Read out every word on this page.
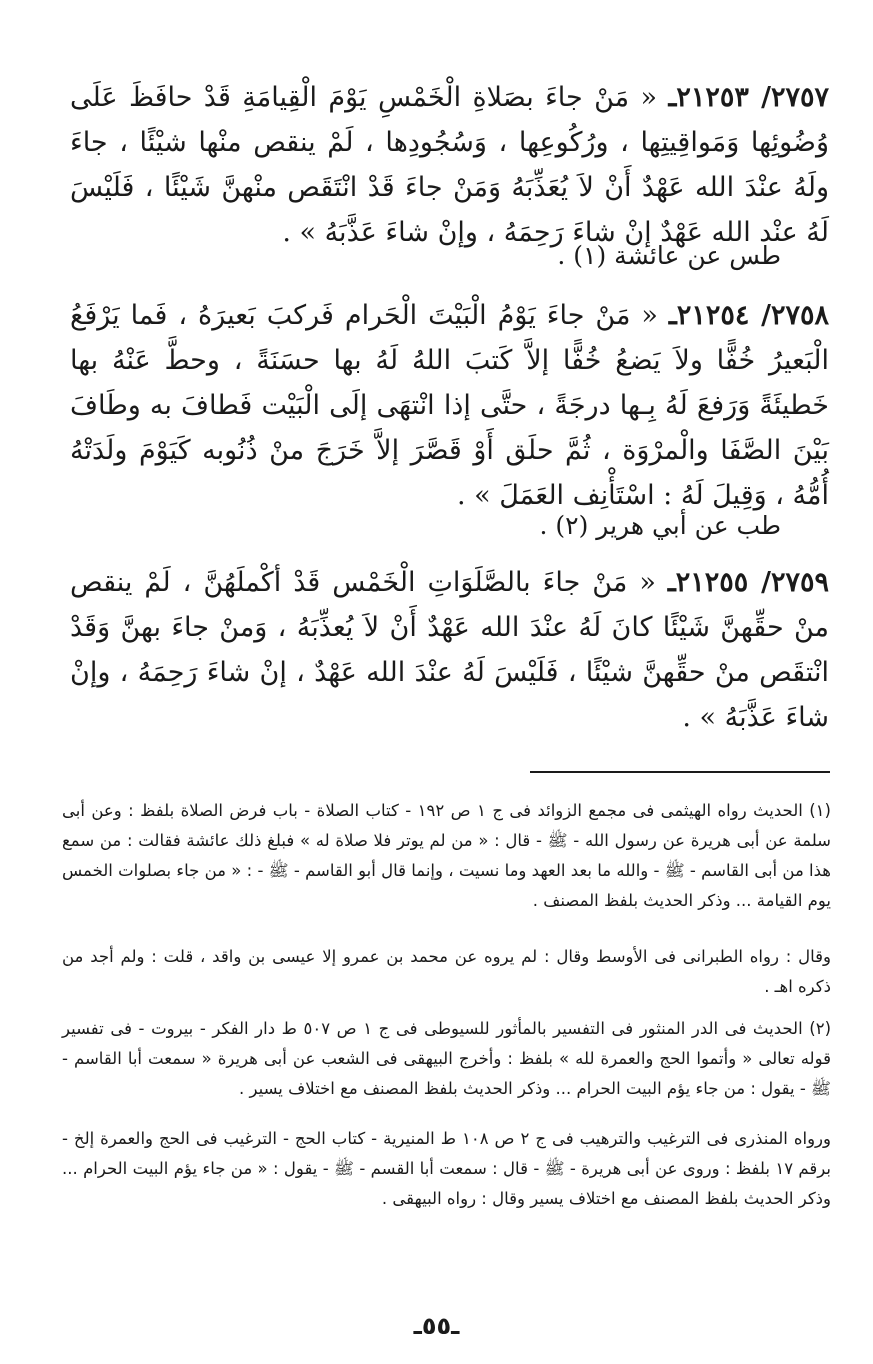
٢٧٥٧/ ٢١٢٥٣ـ « مَنْ جاءَ بصَلاةِ الْخَمْسِ يَوْمَ الْقِيامَةِ قَدْ حافَظَ عَلَى وُضُوئِها وَمَواقِيتِها ، ورُكُوعِها ، وَسُجُودِها ، لَمْ ينقص منْها شيْئًا ، جاءَ ولَهُ عنْدَ الله عَهْدٌ أَنْ لاَ يُعَذِّبَهُ وَمَنْ جاءَ قَدْ انْتَقَص منْهنَّ شَيْئًا ، فَلَيْسَ لَهُ عنْد الله عَهْدٌ إنْ شاءَ رَحِمَهُ ، وإنْ شاءَ عَذَّبَهُ » .

طس عن عائشة (١) .

٢٧٥٨/ ٢١٢٥٤ـ « مَنْ جاءَ يَوْمُ الْبَيْتَ الْحَرام فَركبَ بَعيرَهُ ، فَما يَرْفَعُ الْبَعيرُ خُفًّا ولاَ يَضعُ خُفًّا إلاَّ كَتبَ اللهُ لَهُ بها حسَنَةً ، وحطَّ عَنْهُ بها خَطيئَةً وَرَفعَ لَهُ بِـها درجَةً ، حتَّى إذا انْتهَى إلَى الْبَيْت فَطافَ به وطَافَ بَيْنَ الصَّفَا والْمرْوَة ، ثُمَّ حلَق أَوْ قَصَّرَ إلاَّ خَرَجَ منْ ذُنُوبه كَيَوْمَ ولَدَتْهُ أُمُّهُ ، وَقِيلَ لَهُ : اسْتَأْنِف العَمَلَ » .

طب عن أبي هرير (٢) .

٢٧٥٩/ ٢١٢٥٥ـ « مَنْ جاءَ بالصَّلَوَاتِ الْخَمْس قَدْ أكْملَهُنَّ ، لَمْ ينقص منْ حقِّهنَّ شَيْئًا كانَ لَهُ عنْدَ الله عَهْدٌ أَنْ لاَ يُعذِّبَهُ ، وَمنْ جاءَ بهنَّ وَقَدْ انْتقَص منْ حقِّهنَّ شيْئًا ، فَلَيْسَ لَهُ عنْدَ الله عَهْدٌ ، إنْ شاءَ رَحِمَهُ ، وإنْ شاءَ عَذَّبَهُ » .

(١) الحديث رواه الهيثمى فى مجمع الزوائد فى ج ١ ص ١٩٢ - كتاب الصلاة - باب فرض الصلاة بلفظ : وعن أبى سلمة عن أبى هريرة عن رسول الله - ﷺ - قال : « من لم يوتر فلا صلاة له » فبلغ ذلك عائشة فقالت : من سمع هذا من أبى القاسم - ﷺ - والله ما بعد العهد وما نسيت ، وإنما قال أبو القاسم - ﷺ - : « من جاء بصلوات الخمس يوم القيامة ... وذكر الحديث بلفظ المصنف .

وقال : رواه الطبرانى فى الأوسط وقال : لم يروه عن محمد بن عمرو إلا عيسى بن واقد ، قلت : ولم أجد من ذكره اهـ .

(٢) الحديث فى الدر المنثور فى التفسير بالمأثور للسيوطى فى ج ١ ص ٥٠٧ ط دار الفكر - بيروت - فى تفسير قوله تعالى « وأتموا الحج والعمرة لله » بلفظ : وأخرج البيهقى فى الشعب عن أبى هريرة « سمعت أبا القاسم - ﷺ - يقول : من جاء يؤم البيت الحرام ... وذكر الحديث بلفظ المصنف مع اختلاف يسير .

ورواه المنذرى فى الترغيب والترهيب فى ج ٢ ص ١٠٨ ط المنيرية - كتاب الحج - الترغيب فى الحج والعمرة إلخ - برقم ١٧ بلفظ : وروى عن أبى هريرة - ﷺ - قال : سمعت أبا القسم - ﷺ - يقول : « من جاء يؤم البيت الحرام ... وذكر الحديث بلفظ المصنف مع اختلاف يسير وقال : رواه البيهقى .

ـ٥٥ـ
